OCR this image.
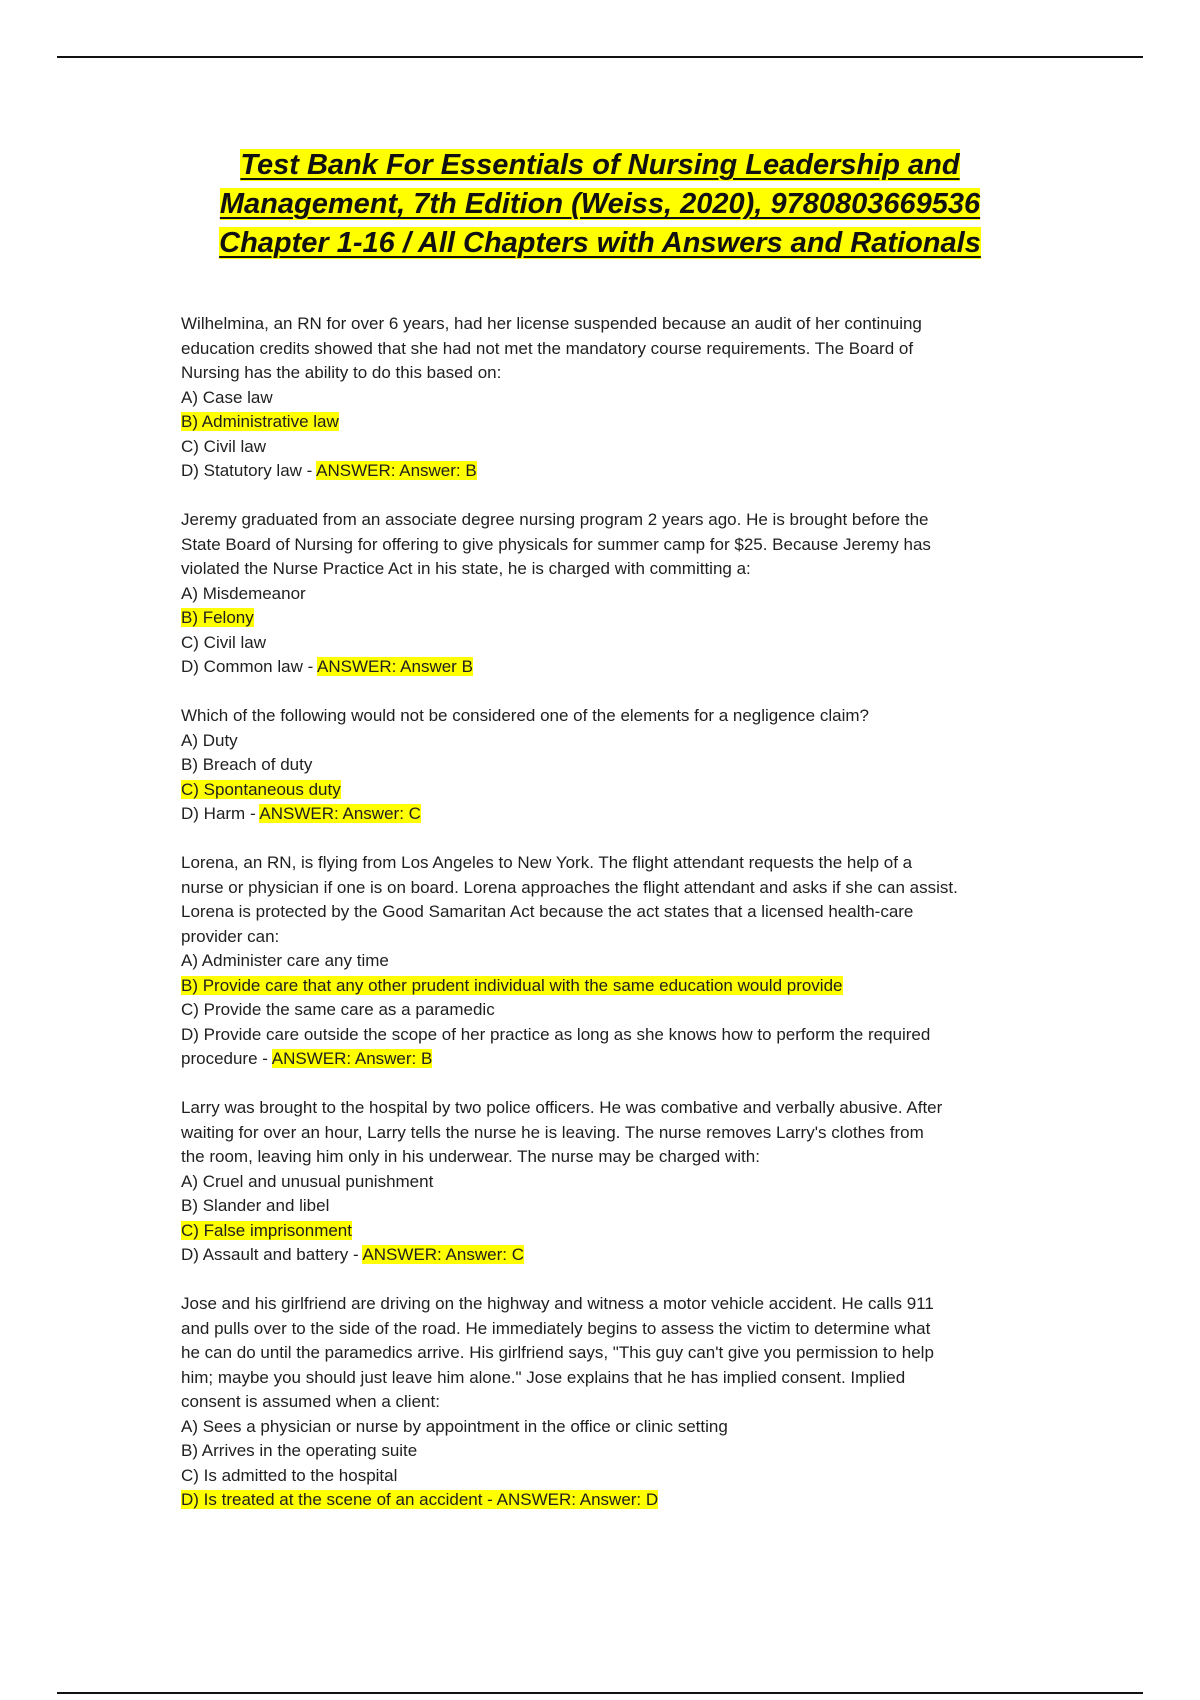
Test Bank For Essentials of Nursing Leadership and
Management, 7th Edition (Weiss, 2020), 9780803669536
Chapter 1-16 / All Chapters with Answers and Rationals
Wilhelmina, an RN for over 6 years, had her license suspended because an audit of her continuing
education credits showed that she had not met the mandatory course requirements. The Board of
Nursing has the ability to do this based on:
A) Case law
B) Administrative law
C) Civil law
D) Statutory law - ANSWER: Answer: B
Jeremy graduated from an associate degree nursing program 2 years ago. He is brought before the
State Board of Nursing for offering to give physicals for summer camp for $25. Because Jeremy has
violated the Nurse Practice Act in his state, he is charged with committing a:
A) Misdemeanor
B) Felony
C) Civil law
D) Common law - ANSWER: Answer B
Which of the following would not be considered one of the elements for a negligence claim?
A) Duty
B) Breach of duty
C) Spontaneous duty
D) Harm - ANSWER: Answer: C
Lorena, an RN, is flying from Los Angeles to New York. The flight attendant requests the help of a
nurse or physician if one is on board. Lorena approaches the flight attendant and asks if she can assist.
Lorena is protected by the Good Samaritan Act because the act states that a licensed health-care
provider can:
A) Administer care any time
B) Provide care that any other prudent individual with the same education would provide
C) Provide the same care as a paramedic
D) Provide care outside the scope of her practice as long as she knows how to perform the required
procedure - ANSWER: Answer: B
Larry was brought to the hospital by two police officers. He was combative and verbally abusive. After
waiting for over an hour, Larry tells the nurse he is leaving. The nurse removes Larry's clothes from
the room, leaving him only in his underwear. The nurse may be charged with:
A) Cruel and unusual punishment
B) Slander and libel
C) False imprisonment
D) Assault and battery - ANSWER: Answer: C
Jose and his girlfriend are driving on the highway and witness a motor vehicle accident. He calls 911
and pulls over to the side of the road. He immediately begins to assess the victim to determine what
he can do until the paramedics arrive. His girlfriend says, "This guy can't give you permission to help
him; maybe you should just leave him alone." Jose explains that he has implied consent. Implied
consent is assumed when a client:
A) Sees a physician or nurse by appointment in the office or clinic setting
B) Arrives in the operating suite
C) Is admitted to the hospital
D) Is treated at the scene of an accident - ANSWER: Answer: D
